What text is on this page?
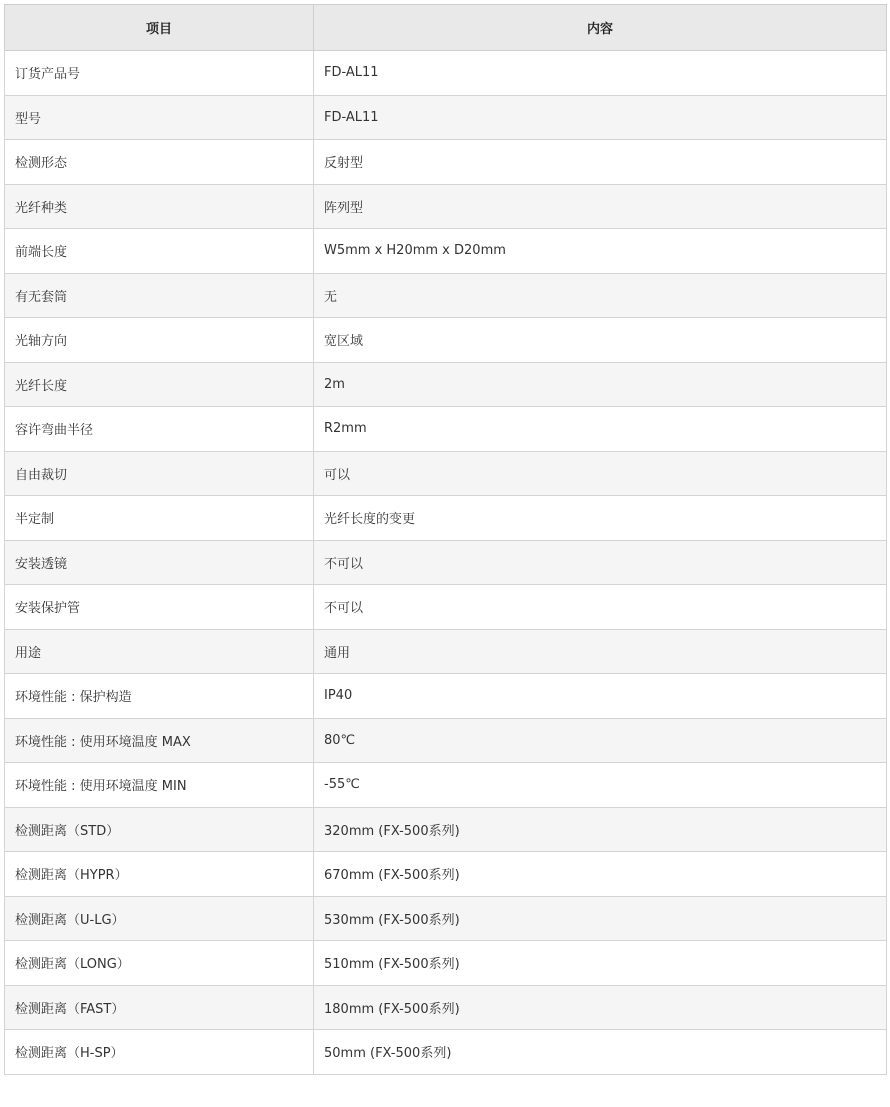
项目	内容
订货产品号	FD-AL11
型号	FD-AL11
检测形态	反射型
光纤种类	阵列型
前端长度	W5mm x H20mm x D20mm
有无套筒	无
光轴方向	宽区域
光纤长度	2m
容许弯曲半径	R2mm
自由裁切	可以
半定制	光纤长度的变更
安装透镜	不可以
安装保护管	不可以
用途	通用
环境性能 : 保护构造	IP40
环境性能 : 使用环境温度 MAX	80℃
环境性能 : 使用环境温度 MIN	-55℃
检测距离（STD）	320mm (FX-500系列)
检测距离（HYPR）	670mm (FX-500系列)
检测距离（U-LG）	530mm (FX-500系列)
检测距离（LONG）	510mm (FX-500系列)
检测距离（FAST）	180mm (FX-500系列)
检测距离（H-SP）	50mm (FX-500系列)
